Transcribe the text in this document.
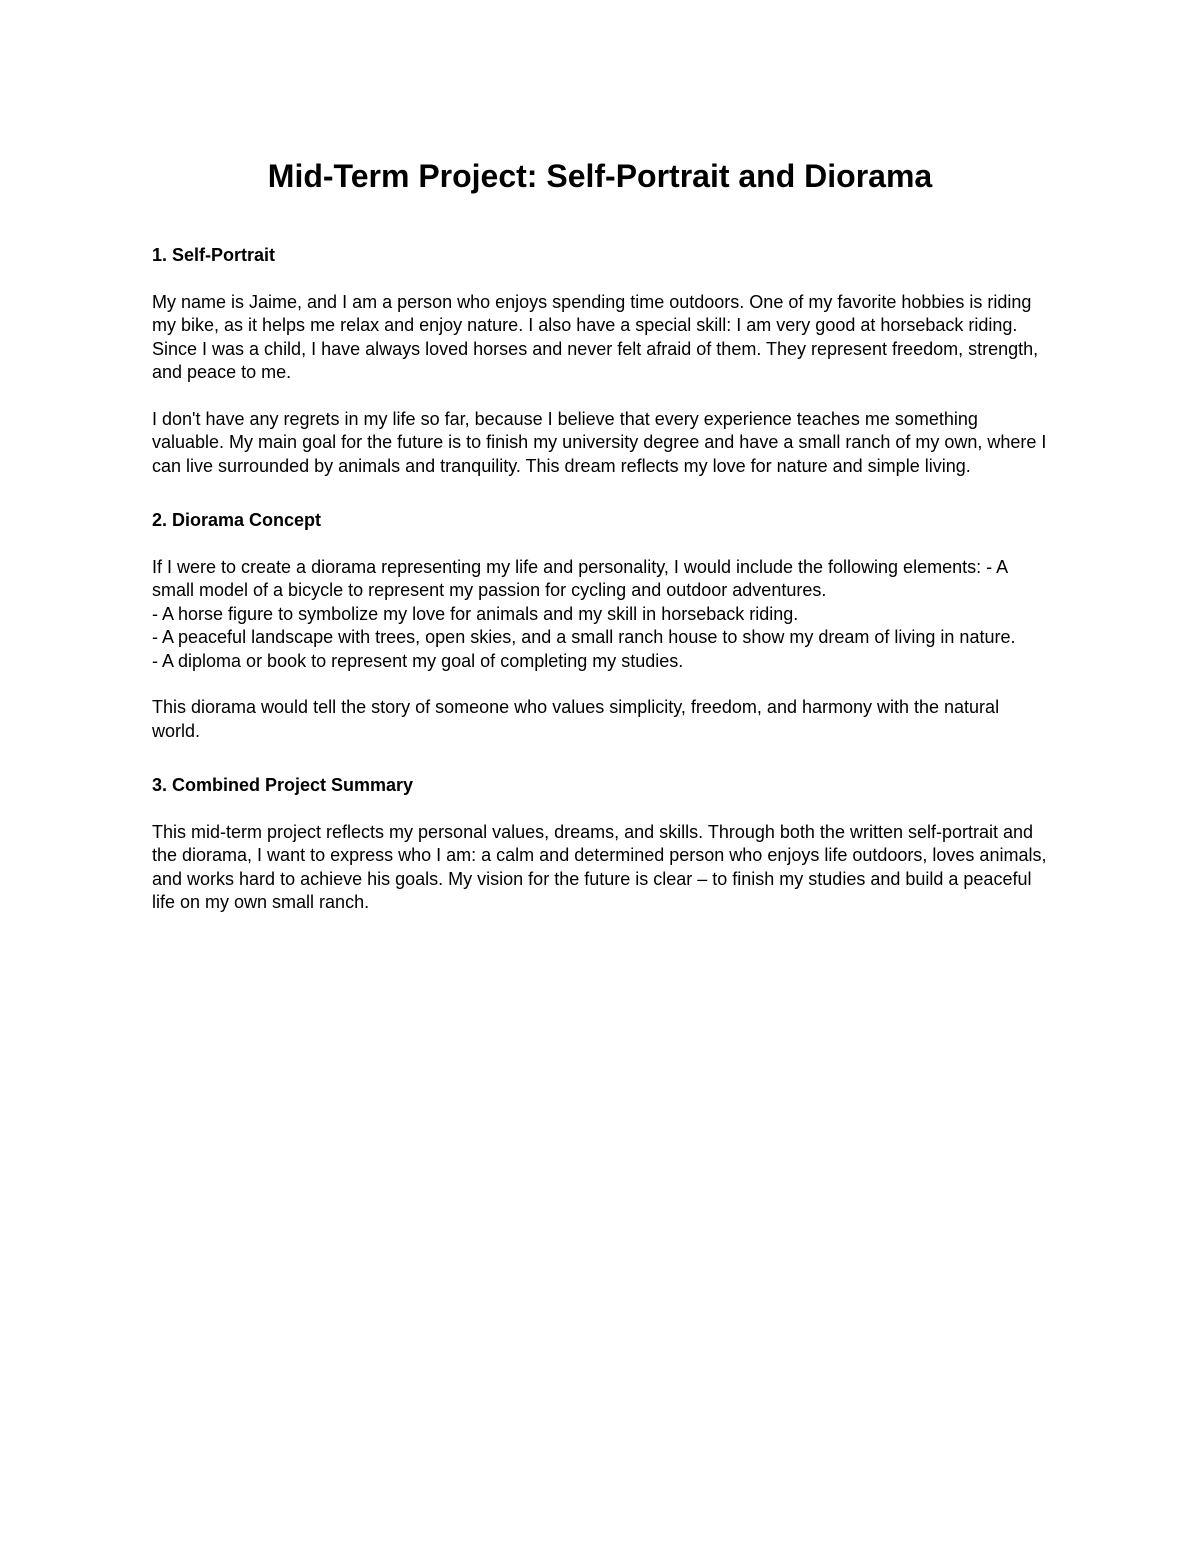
Mid-Term Project: Self-Portrait and Diorama

1. Self-Portrait

My name is Jaime, and I am a person who enjoys spending time outdoors. One of my favorite hobbies is riding my bike, as it helps me relax and enjoy nature. I also have a special skill: I am very good at horseback riding. Since I was a child, I have always loved horses and never felt afraid of them. They represent freedom, strength, and peace to me.

I don't have any regrets in my life so far, because I believe that every experience teaches me something valuable. My main goal for the future is to finish my university degree and have a small ranch of my own, where I can live surrounded by animals and tranquility. This dream reflects my love for nature and simple living.

2. Diorama Concept

If I were to create a diorama representing my life and personality, I would include the following elements: - A small model of a bicycle to represent my passion for cycling and outdoor adventures.

- A horse figure to symbolize my love for animals and my skill in horseback riding.

- A peaceful landscape with trees, open skies, and a small ranch house to show my dream of living in nature.

- A diploma or book to represent my goal of completing my studies.

This diorama would tell the story of someone who values simplicity, freedom, and harmony with the natural world.

3. Combined Project Summary

This mid-term project reflects my personal values, dreams, and skills. Through both the written self-portrait and the diorama, I want to express who I am: a calm and determined person who enjoys life outdoors, loves animals, and works hard to achieve his goals. My vision for the future is clear – to finish my studies and build a peaceful life on my own small ranch.
